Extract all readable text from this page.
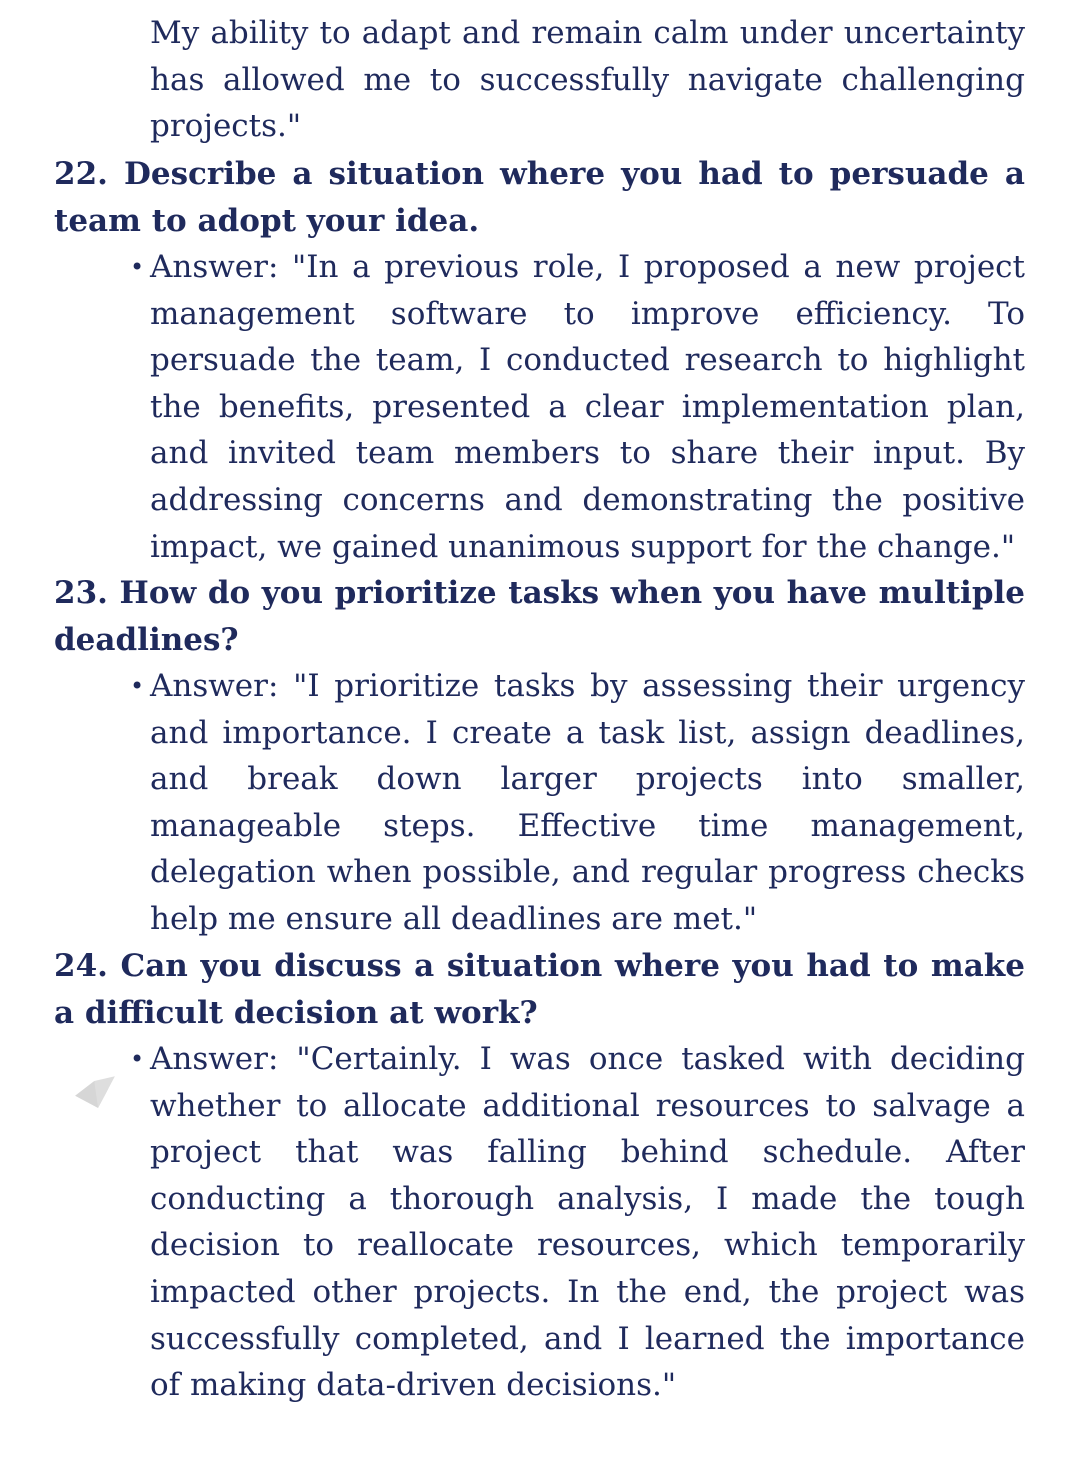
My ability to adapt and remain calm under uncertainty has allowed me to successfully navigate challenging projects."
22. Describe a situation where you had to persuade a team to adopt your idea.
• Answer: "In a previous role, I proposed a new project management software to improve efficiency. To persuade the team, I conducted research to highlight the benefits, presented a clear implementation plan, and invited team members to share their input. By addressing concerns and demonstrating the positive impact, we gained unanimous support for the change."
23. How do you prioritize tasks when you have multiple deadlines?
• Answer: "I prioritize tasks by assessing their urgency and importance. I create a task list, assign deadlines, and break down larger projects into smaller, manageable steps. Effective time management, delegation when possible, and regular progress checks help me ensure all deadlines are met."
24. Can you discuss a situation where you had to make a difficult decision at work?
• Answer: "Certainly. I was once tasked with deciding whether to allocate additional resources to salvage a project that was falling behind schedule. After conducting a thorough analysis, I made the tough decision to reallocate resources, which temporarily impacted other projects. In the end, the project was successfully completed, and I learned the importance of making data-driven decisions."
